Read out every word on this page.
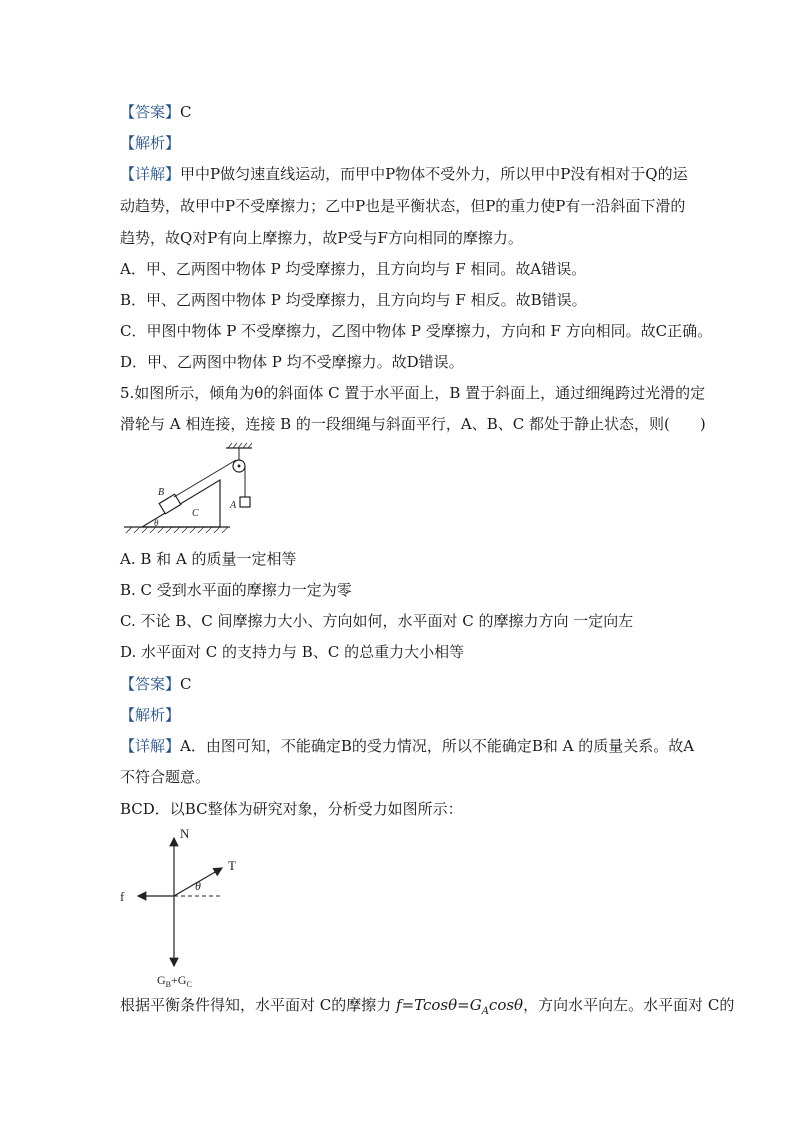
【答案】C
【解析】
【详解】甲中P做匀速直线运动，而甲中P物体不受外力，所以甲中P没有相对于Q的运
动趋势，故甲中P不受摩擦力；乙中P也是平衡状态，但P的重力使P有一沿斜面下滑的
趋势，故Q对P有向上摩擦力，故P受与F方向相同的摩擦力。
A．甲、乙两图中物体 P 均受摩擦力，且方向均与 F 相同。故A错误。
B．甲、乙两图中物体 P 均受摩擦力，且方向均与 F 相反。故B错误。
C．甲图中物体 P 不受摩擦力，乙图中物体 P 受摩擦力，方向和 F 方向相同。故C正确。
D．甲、乙两图中物体 P 均不受摩擦力。故D错误。
5.如图所示，倾角为θ的斜面体 C 置于水平面上，B 置于斜面上，通过细绳跨过光滑的定
滑轮与 A 相连接，连接 B 的一段细绳与斜面平行，A、B、C 都处于静止状态，则(　　)
B
C
A
θ
A. B 和 A 的质量一定相等
B. C 受到水平面的摩擦力一定为零
C. 不论 B、C 间摩擦力大小、方向如何，水平面对 C 的摩擦力方向 一定向左
D. 水平面对 C 的支持力与 B、C 的总重力大小相等
【答案】C
【解析】
【详解】A．由图可知，不能确定B的受力情况，所以不能确定B和 A 的质量关系。故A
不符合题意。
BCD．以BC整体为研究对象，分析受力如图所示：
N
T
f
θ
$G_B+G_C$
根据平衡条件得知，水平面对 C的摩擦力 $f=Tcos\theta=G_A\cos\theta$，方向水平向左。水平面对 C的
